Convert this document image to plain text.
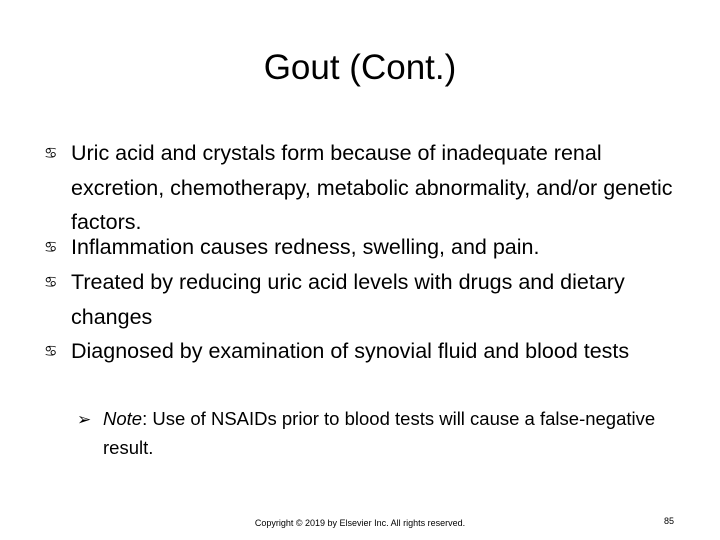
Gout (Cont.)
♋︎ Uric acid and crystals form because of inadequate renal excretion, chemotherapy, metabolic abnormality, and/or genetic factors.
♋︎ Inflammation causes redness, swelling, and pain.
♋︎ Treated by reducing uric acid levels with drugs and dietary changes
♋︎ Diagnosed by examination of synovial fluid and blood tests
➢ Note: Use of NSAIDs prior to blood tests will cause a false-negative result.
Copyright © 2019 by Elsevier Inc. All rights reserved.	85
